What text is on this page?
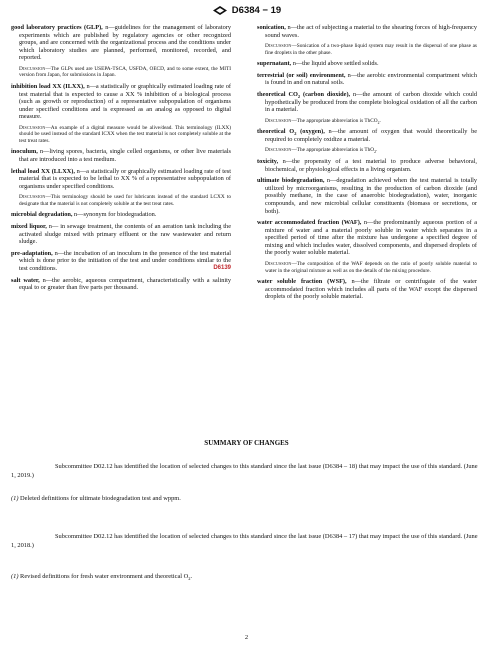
D6384 − 19

good laboratory practices (GLP), n—guidelines for the management of laboratory experiments which are published by regulatory agencies or other recognized groups, and are concerned with the organizational process and the conditions under which laboratory studies are planned, performed, monitored, recorded, and reported.

Discussion—The GLPs used are USEPA-TSCA, USFDA, OECD, and to some extent, the MITI version from Japan, for submissions in Japan.

inhibition load XX (ILXX), n—a statistically or graphically estimated loading rate of test material that is expected to cause a XX % inhibition of a biological process (such as growth or reproduction) of a representative subpopulation of organisms under specified conditions and is expressed as an analog as opposed to digital measure.

Discussion—An example of a digital measure would be alive/dead. This terminology (ILXX) should be used instead of the standard ICXX when the test material is not completely soluble at the test treat rates.

inoculum, n—living spores, bacteria, single celled organisms, or other live materials that are introduced into a test medium.

lethal load XX (LLXX), n—a statistically or graphically estimated loading rate of test material that is expected to be lethal to XX % of a representative subpopulation of organisms under specified conditions.

Discussion—This terminology should be used for lubricants instead of the standard LCXX to designate that the material is not completely soluble at the test treat rates.

microbial degradation, n—synonym for biodegradation.

mixed liquor, n— in sewage treatment, the contents of an aeration tank including the activated sludge mixed with primary effluent or the raw wastewater and return sludge.

pre-adaptation, n—the incubation of an inoculum in the presence of the test material which is done prior to the initiation of the test and under conditions similar to the test conditions.	D6139

salt water, n—the aerobic, aqueous compartment, characteristically with a salinity equal to or greater than five parts per thousand.

sonication, n—the act of subjecting a material to the shearing forces of high-frequency sound waves.

Discussion—Sonication of a two-phase liquid system may result in the dispersal of one phase as fine droplets in the other phase.

supernatant, n—the liquid above settled solids.

terrestrial (or soil) environment, n—the aerobic environmental compartment which is found in and on natural soils.

theoretical $CO_2$ (carbon dioxide), n—the amount of carbon dioxide which could hypothetically be produced from the complete biological oxidation of all the carbon in a material.

Discussion—The appropriate abbreviation is ThCO$_2$.

theoretical $O_2$ (oxygen), n—the amount of oxygen that would theoretically be required to completely oxidize a material.

Discussion—The appropriate abbreviation is ThO$_2$.

toxicity, n—the propensity of a test material to produce adverse behavioral, biochemical, or physiological effects in a living organism.

ultimate biodegradation, n—degradation achieved when the test material is totally utilized by microorganisms, resulting in the production of carbon dioxide (and possibly methane, in the case of anaerobic biodegradation), water, inorganic compounds, and new microbial cellular constituents (biomass or secretions, or both).

water accommodated fraction (WAF), n—the predominantly aqueous portion of a mixture of water and a material poorly soluble in water which separates in a specified period of time after the mixture has undergone a specified degree of mixing and which includes water, dissolved components, and dispersed droplets of the poorly water soluble material.

Discussion—The composition of the WAF depends on the ratio of poorly soluble material to water in the original mixture as well as on the details of the mixing procedure.

water soluble fraction (WSF), n—the filtrate or centrifugate of the water accommodated fraction which includes all parts of the WAF except the dispersed droplets of the poorly soluble material.

SUMMARY OF CHANGES

Subcommittee D02.12 has identified the location of selected changes to this standard since the last issue (D6384 – 18) that may impact the use of this standard. (June 1, 2019.)

(1) Deleted definitions for ultimate biodegradation test and wppm.

Subcommittee D02.12 has identified the location of selected changes to this standard since the last issue (D6384 – 17) that may impact the use of this standard. (June 1, 2018.)

(1) Revised definitions for fresh water environment and theoretical $O_2$.

2
